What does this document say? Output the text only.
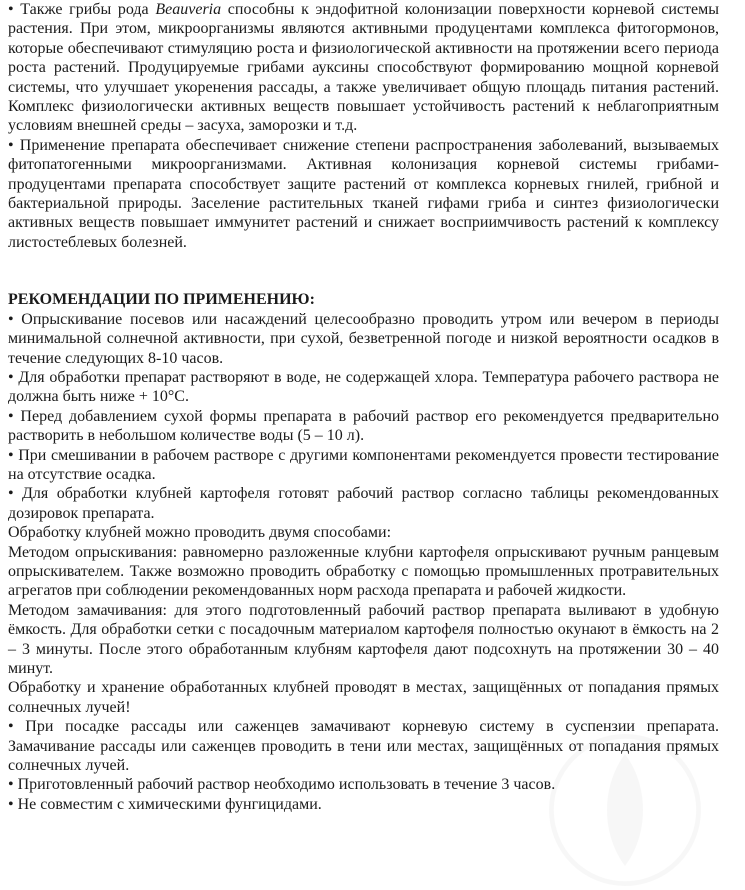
• Также грибы рода Beauveria способны к эндофитной колонизации поверхности корневой системы растения. При этом, микроорганизмы являются активными продуцентами комплекса фитогормонов, которые обеспечивают стимуляцию роста и физиологической активности на протяжении всего периода роста растений. Продуцируемые грибами ауксины способствуют формированию мощной корневой системы, что улучшает укоренения рассады, а также увеличивает общую площадь питания растений. Комплекс физиологически активных веществ повышает устойчивость растений к неблагоприятным условиям внешней среды – засуха, заморозки и т.д.

• Применение препарата обеспечивает снижение степени распространения заболеваний, вызываемых фитопатогенными микроорганизмами. Активная колонизация корневой системы грибами-продуцентами препарата способствует защите растений от комплекса корневых гнилей, грибной и бактериальной природы. Заселение растительных тканей гифами гриба и синтез физиологически активных веществ повышает иммунитет растений и снижает восприимчивость растений к комплексу листостеблевых болезней.

РЕКОМЕНДАЦИИ ПО ПРИМЕНЕНИЮ:

• Опрыскивание посевов или насаждений целесообразно проводить утром или вечером в периоды минимальной солнечной активности, при сухой, безветренной погоде и низкой вероятности осадков в течение следующих 8-10 часов.

• Для обработки препарат растворяют в воде, не содержащей хлора. Температура рабочего раствора не должна быть ниже + 10°С.

• Перед добавлением сухой формы препарата в рабочий раствор его рекомендуется предварительно растворить в небольшом количестве воды (5 – 10 л).

• При смешивании в рабочем растворе с другими компонентами рекомендуется провести тестирование на отсутствие осадка.

• Для обработки клубней картофеля готовят рабочий раствор согласно таблицы рекомендованных дозировок препарата.

Обработку клубней можно проводить двумя способами:

Методом опрыскивания: равномерно разложенные клубни картофеля опрыскивают ручным ранцевым опрыскивателем. Также возможно проводить обработку с помощью промышленных протравительных агрегатов при соблюдении рекомендованных норм расхода препарата и рабочей жидкости.

Методом замачивания: для этого подготовленный рабочий раствор препарата выливают в удобную ёмкость. Для обработки сетки с посадочным материалом картофеля полностью окунают в ёмкость на 2 – 3 минуты. После этого обработанным клубням картофеля дают подсохнуть на протяжении 30 – 40 минут.

Обработку и хранение обработанных клубней проводят в местах, защищённых от попадания прямых солнечных лучей!

• При посадке рассады или саженцев замачивают корневую систему в суспензии препарата. Замачивание рассады или саженцев проводить в тени или местах, защищённых от попадания прямых солнечных лучей.

• Приготовленный рабочий раствор необходимо использовать в течение 3 часов.

• Не совместим с химическими фунгицидами.
